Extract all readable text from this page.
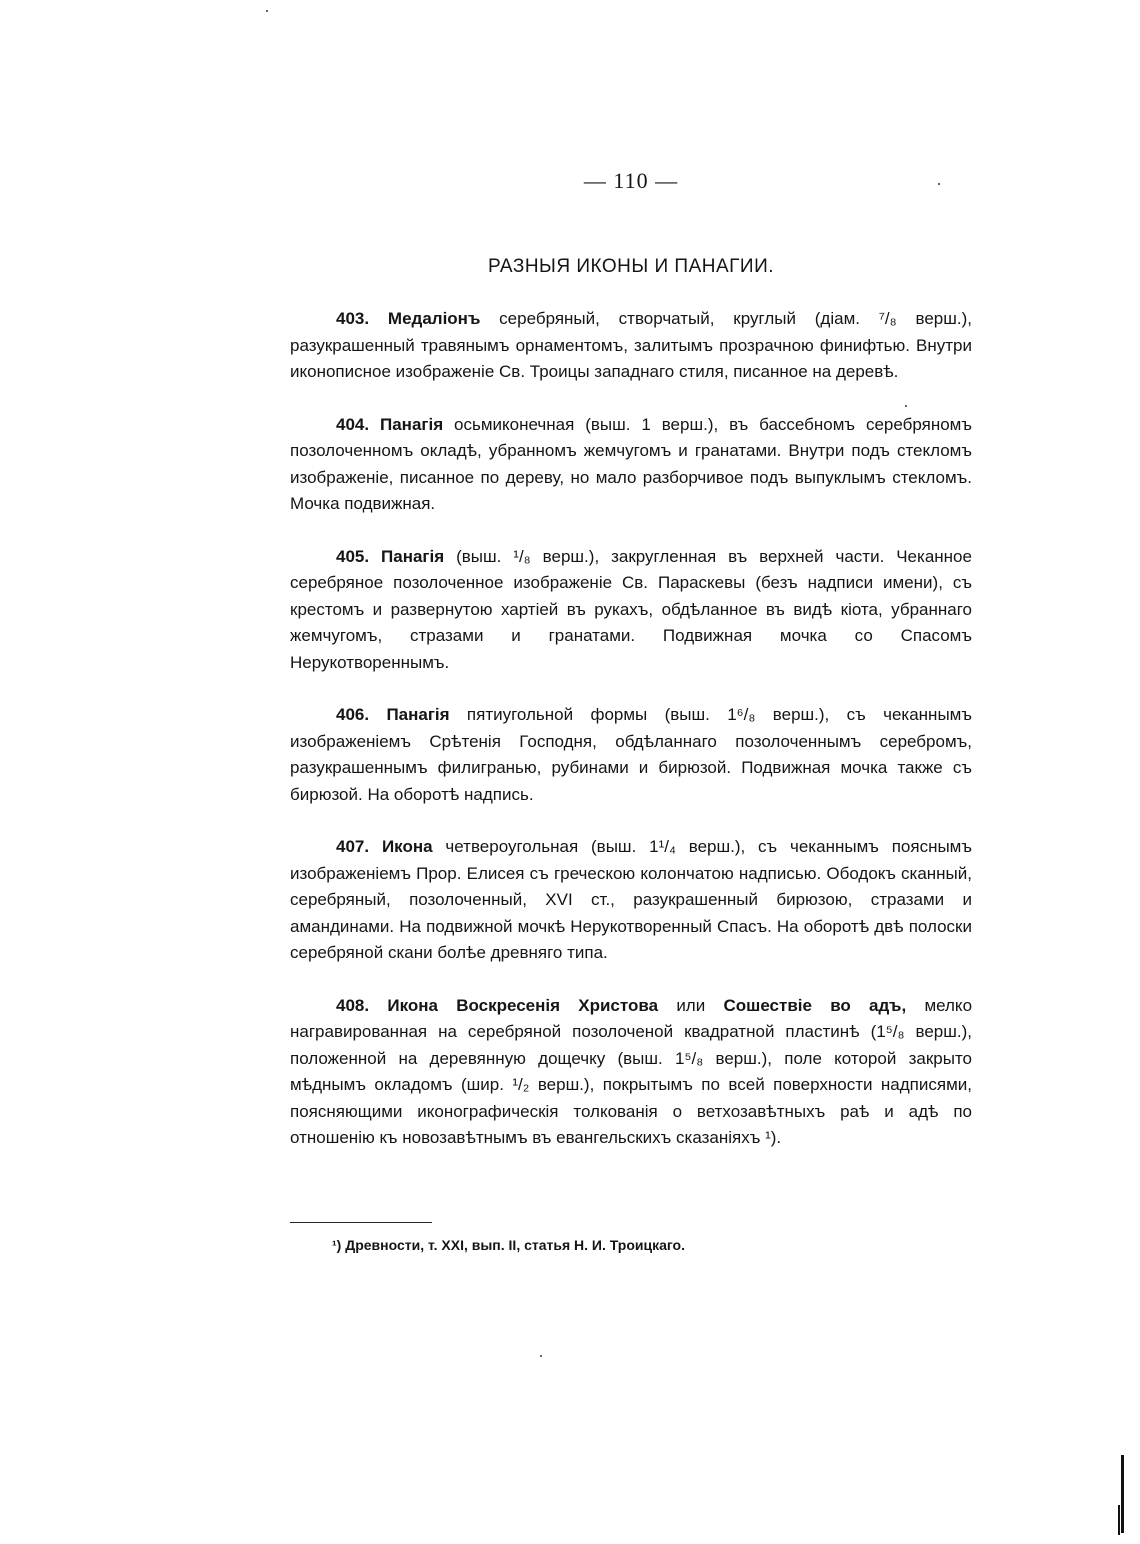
— 110 —
РАЗНЫЯ ИКОНЫ И ПАНАГИИ.

403. Медаліонъ серебряный, створчатый, круглый (діам. ⁷/₈ верш.), разукрашенный травянымъ орнаментомъ, залитымъ прозрачною финифтью. Внутри иконописное изображеніе Св. Троицы западнаго стиля, писанное на деревѣ.

404. Панагія осьмиконечная (выш. 1 верш.), въ бассебномъ серебряномъ позолоченномъ окладѣ, убранномъ жемчугомъ и гранатами. Внутри подъ стекломъ изображеніе, писанное по дереву, но мало разборчивое подъ выпуклымъ стекломъ. Мочка подвижная.

405. Панагія (выш. ¹/₈ верш.), закругленная въ верхней части. Чеканное серебряное позолоченное изображеніе Св. Параскевы (безъ надписи имени), съ крестомъ и развернутою хартіей въ рукахъ, обдѣланное въ видѣ кіота, убраннаго жемчугомъ, стразами и гранатами. Подвижная мочка со Спасомъ Нерукотвореннымъ.

406. Панагія пятиугольной формы (выш. 1⁶/₈ верш.), съ чеканнымъ изображеніемъ Срѣтенія Господня, обдѣланнаго позолоченнымъ серебромъ, разукрашеннымъ филигранью, рубинами и бирюзой. Подвижная мочка также съ бирюзой. На оборотѣ надпись.

407. Икона четвероугольная (выш. 1¹/₄ верш.), съ чеканнымъ пояснымъ изображеніемъ Прор. Елисея съ греческою колончатою надписью. Ободокъ сканный, серебряный, позолоченный, XVI ст., разукрашенный бирюзою, стразами и амандинами. На подвижной мочкѣ Нерукотворенный Спасъ. На оборотѣ двѣ полоски серебряной скани болѣе древняго типа.

408. Икона Воскресенія Христова или Сошествіе во адъ, мелко награвированная на серебряной позолоченой квадратной пластинѣ (1⁵/₈ верш.), положенной на деревянную дощечку (выш. 1⁵/₈ верш.), поле которой закрыто мѣднымъ окладомъ (шир. ¹/₂ верш.), покрытымъ по всей поверхности надписями, поясняющими иконографическія толкованія о ветхозавѣтныхъ раѣ и адѣ по отношенію къ новозавѣтнымъ въ евангельскихъ сказаніяхъ ¹).

¹) Древности, т. XXI, вып. II, статья Н. И. Троицкаго.
